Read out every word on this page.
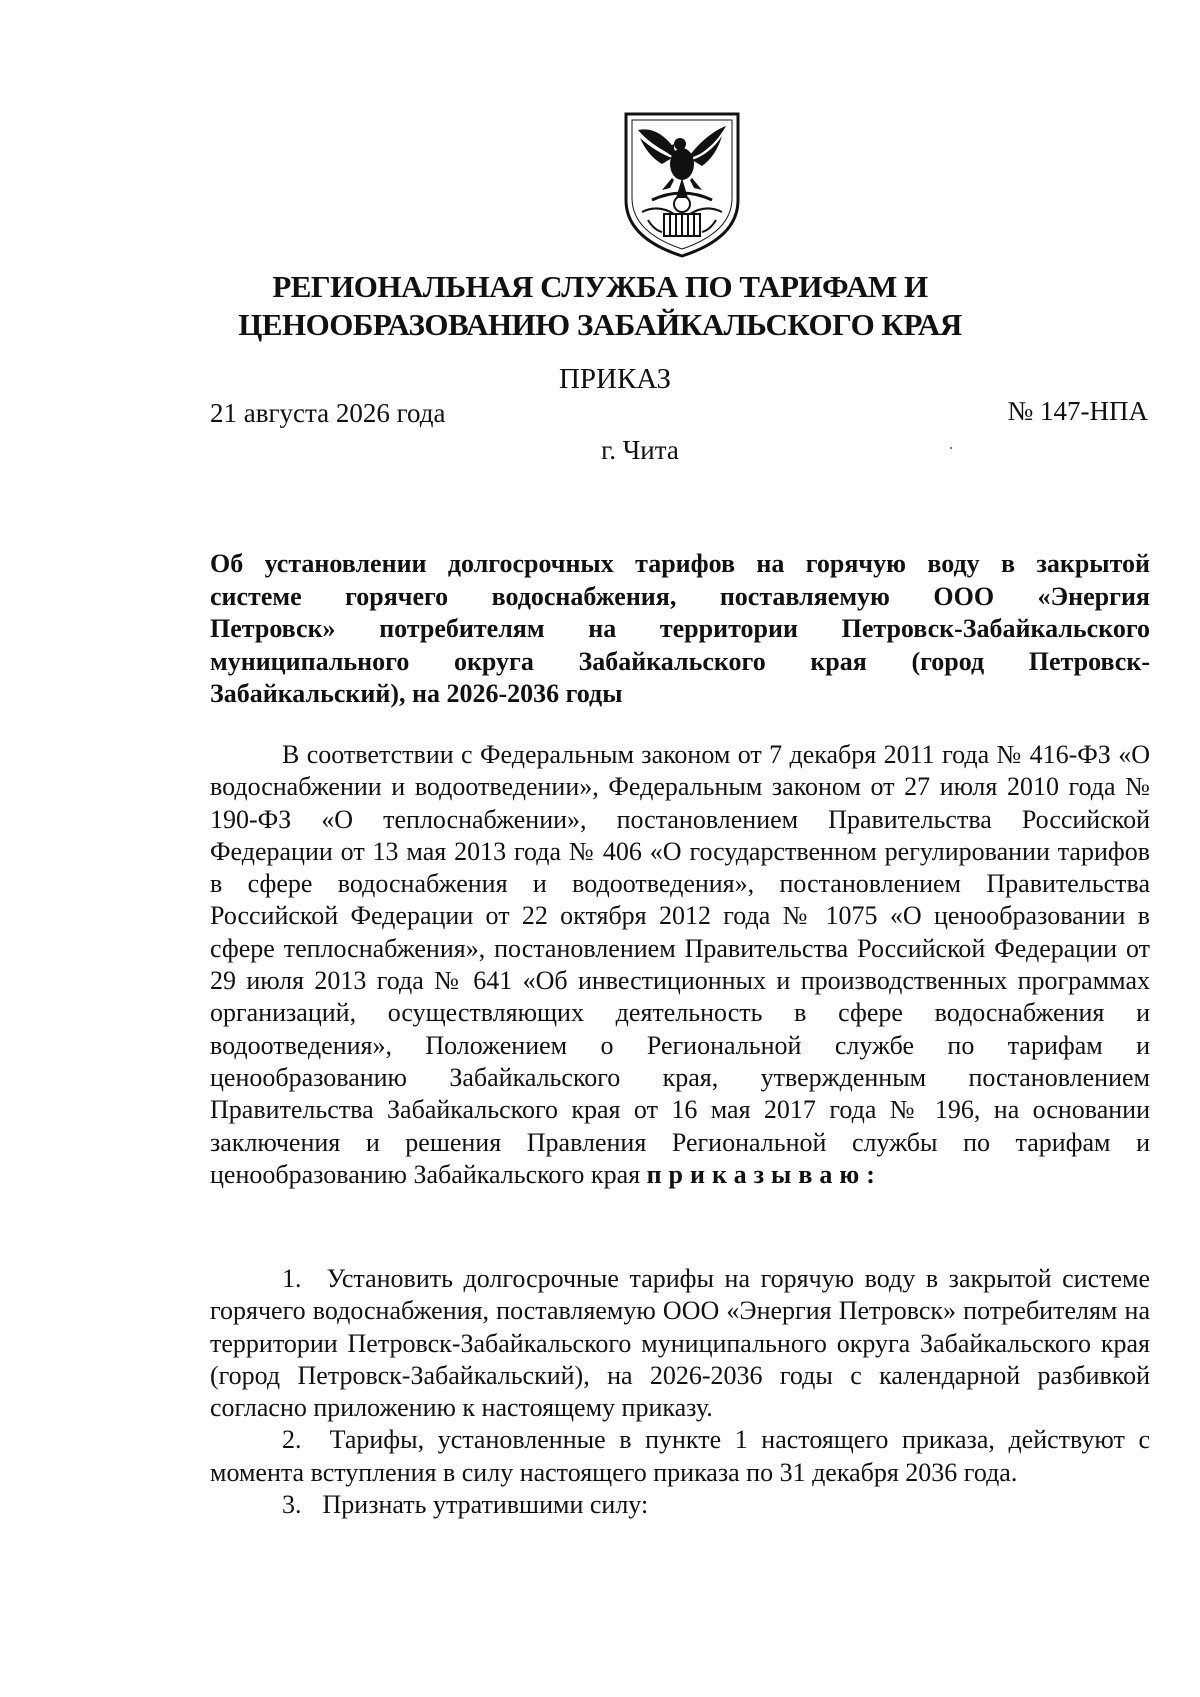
РЕГИОНАЛЬНАЯ СЛУЖБА ПО ТАРИФАМ И
ЦЕНООБРАЗОВАНИЮ ЗАБАЙКАЛЬСКОГО КРАЯ
ПРИКАЗ
21 августа 2026 года	№ 147-НПА
г. Чита

Об установлении долгосрочных тарифов на горячую воду в закрытой

системе горячего водоснабжения, поставляемую ООО «Энергия

Петровск» потребителям на территории Петровск-Забайкальского

муниципального округа Забайкальского края (город Петровск-

Забайкальский), на 2026-2036 годы

В соответствии с Федеральным законом от 7 декабря 2011 года № 416-ФЗ «О водоснабжении и водоотведении», Федеральным законом от 27 июля 2010 года № 190-ФЗ «О теплоснабжении», постановлением Правительства Российской Федерации от 13 мая 2013 года № 406 «О государственном регулировании тарифов в сфере водоснабжения и водоотведения», постановлением Правительства Российской Федерации от 22 октября 2012 года № 1075 «О ценообразовании в сфере теплоснабжения», постановлением Правительства Российской Федерации от 29 июля 2013 года № 641 «Об инвестиционных и производственных программах организаций, осуществляющих деятельность в сфере водоснабжения и водоотведения», Положением о Региональной службе по тарифам и ценообразованию Забайкальского края, утвержденным постановлением Правительства Забайкальского края от 16 мая 2017 года № 196, на основании заключения и решения Правления Региональной службы по тарифам и ценообразованию Забайкальского края приказываю:

1. Установить долгосрочные тарифы на горячую воду в закрытой системе горячего водоснабжения, поставляемую ООО «Энергия Петровск» потребителям на территории Петровск-Забайкальского муниципального округа Забайкальского края (город Петровск-Забайкальский), на 2026-2036 годы с календарной разбивкой согласно приложению к настоящему приказу.

2. Тарифы, установленные в пункте 1 настоящего приказа, действуют с момента вступления в силу настоящего приказа по 31 декабря 2036 года.

3. Признать утратившими силу:
